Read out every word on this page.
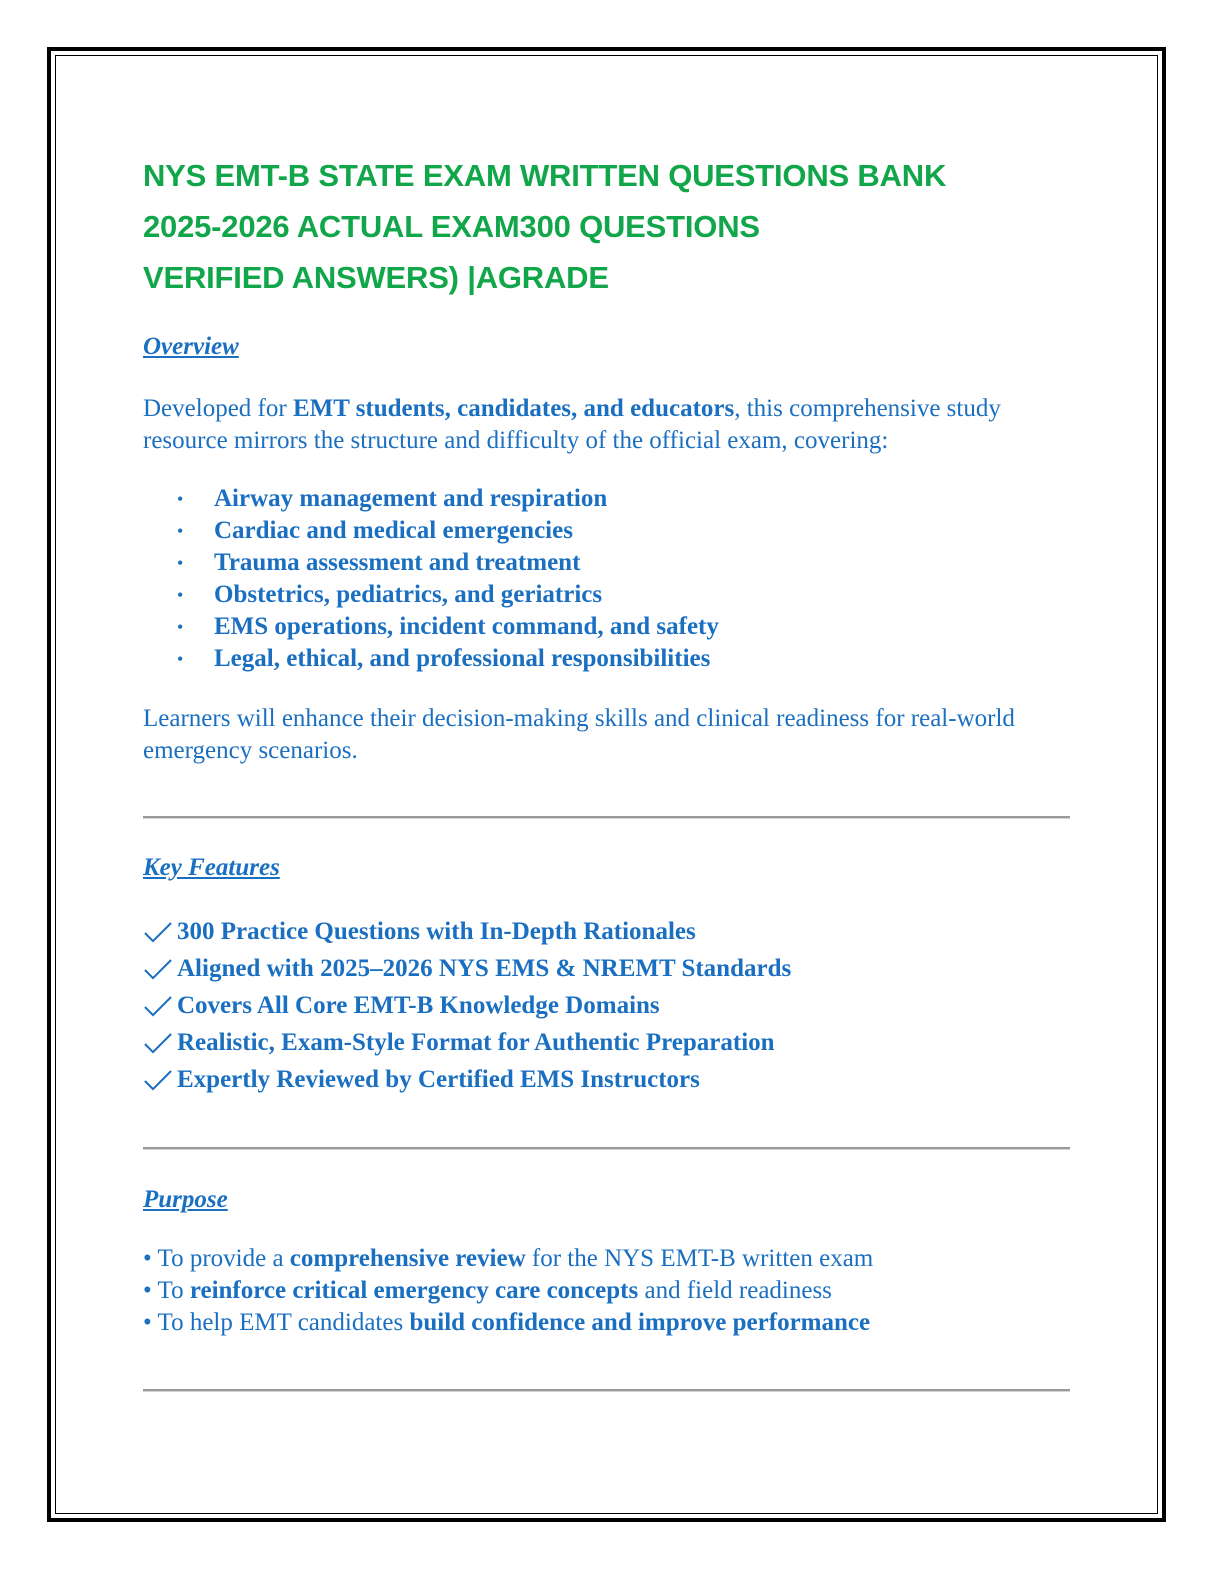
NYS EMT-B STATE EXAM WRITTEN QUESTIONS BANK
2025-2026 ACTUAL EXAM300 QUESTIONS
VERIFIED ANSWERS) |AGRADE
Overview

Developed for EMT students, candidates, and educators, this comprehensive study resource mirrors the structure and difficulty of the official exam, covering:

• Airway management and respiration
• Cardiac and medical emergencies
• Trauma assessment and treatment
• Obstetrics, pediatrics, and geriatrics
• EMS operations, incident command, and safety
• Legal, ethical, and professional responsibilities

Learners will enhance their decision-making skills and clinical readiness for real-world emergency scenarios.

Key Features
300 Practice Questions with In-Depth Rationales
Aligned with 2025–2026 NYS EMS & NREMT Standards
Covers All Core EMT-B Knowledge Domains
Realistic, Exam-Style Format for Authentic Preparation
Expertly Reviewed by Certified EMS Instructors
Purpose
• To provide a comprehensive review for the NYS EMT-B written exam
• To reinforce critical emergency care concepts and field readiness
• To help EMT candidates build confidence and improve performance
